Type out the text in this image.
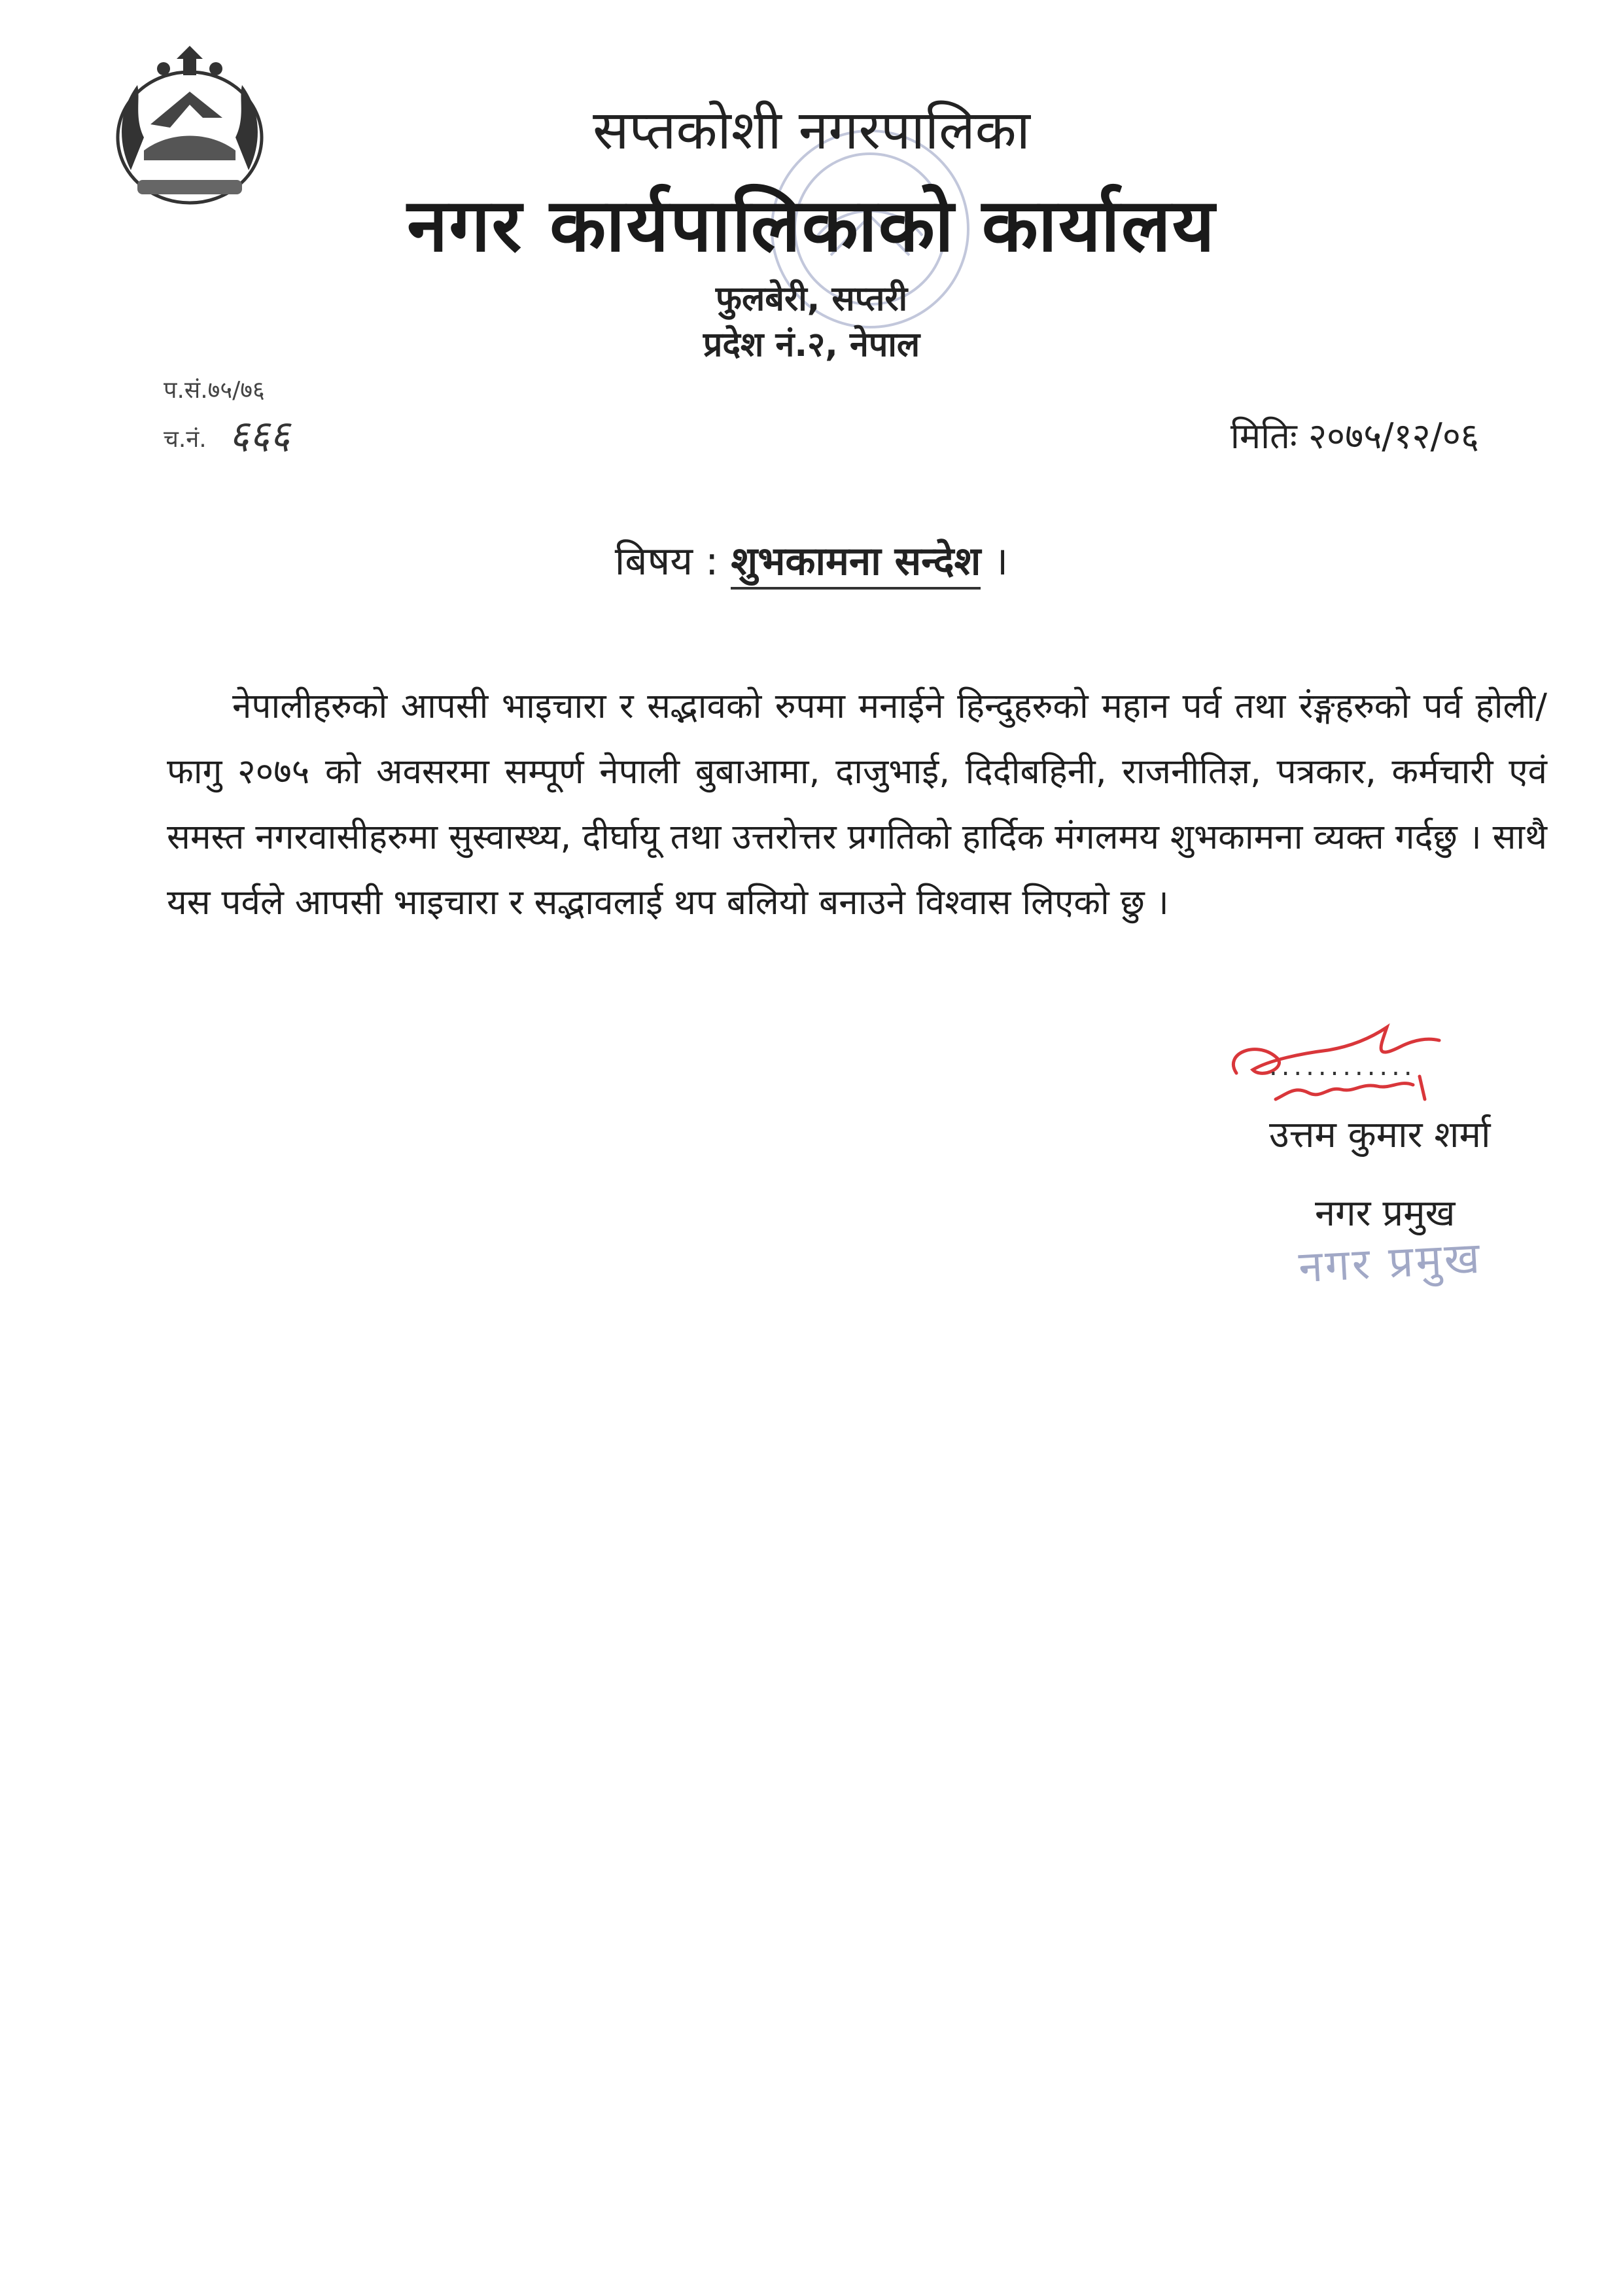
सप्तकोशी नगरपालिका
नगर कार्यपालिकाको कार्यालय
फुलबेरी, सप्तरी
प्रदेश नं.२, नेपाल
प.सं.७५/७६
च.नं. ६६६	मितिः २०७५/१२/०६
बिषय : शुभकामना सन्देश ।
नेपालीहरुको आपसी भाइचारा र सद्भावको रुपमा मनाईने हिन्दुहरुको महान पर्व तथा रंङ्गहरुको पर्व होली/फागु २०७५ को अवसरमा सम्पूर्ण नेपाली बुबाआमा, दाजुभाई, दिदीबहिनी, राजनीतिज्ञ, पत्रकार, कर्मचारी एवं समस्त नगरवासीहरुमा सुस्वास्थ्य, दीर्घायू तथा उत्तरोत्तर प्रगतिको हार्दिक मंगलमय शुभकामना व्यक्त गर्दछु । साथै यस पर्वले आपसी भाइचारा र सद्भावलाई थप बलियो बनाउने विश्वास लिएको छु ।
............
उत्तम कुमार शर्मा
नगर प्रमुख
नगर प्रमुख
